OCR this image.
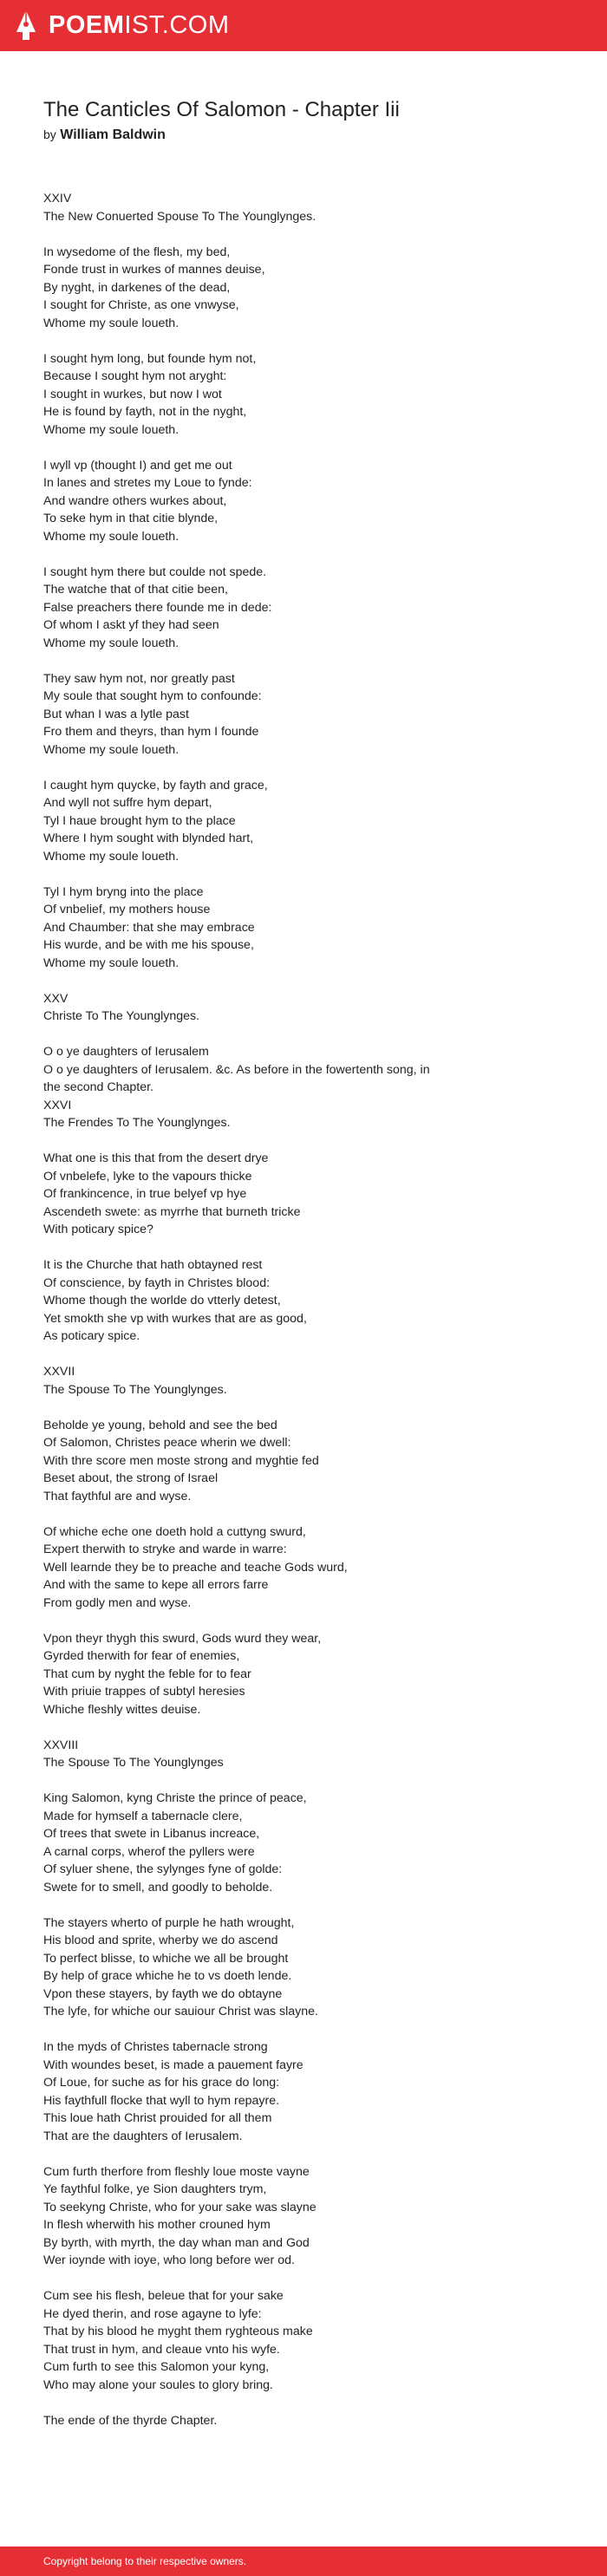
POEMIST.COM
The Canticles Of Salomon - Chapter Iii
by William Baldwin
XXIV
The New Conuerted Spouse To The Younglynges.
In wysedome of the flesh, my bed,
Fonde trust in wurkes of mannes deuise,
By nyght, in darkenes of the dead,
I sought for Christe, as one vnwyse,
Whome my soule loueth.
I sought hym long, but founde hym not,
Because I sought hym not aryght:
I sought in wurkes, but now I wot
He is found by fayth, not in the nyght,
Whome my soule loueth.
I wyll vp (thought I) and get me out
In lanes and stretes my Loue to fynde:
And wandre others wurkes about,
To seke hym in that citie blynde,
Whome my soule loueth.
I sought hym there but coulde not spede.
The watche that of that citie been,
False preachers there founde me in dede:
Of whom I askt yf they had seen
Whome my soule loueth.
They saw hym not, nor greatly past
My soule that sought hym to confounde:
But whan I was a lytle past
Fro them and theyrs, than hym I founde
Whome my soule loueth.
I caught hym quycke, by fayth and grace,
And wyll not suffre hym depart,
Tyl I haue brought hym to the place
Where I hym sought with blynded hart,
Whome my soule loueth.
Tyl I hym bryng into the place
Of vnbelief, my mothers house
And Chaumber: that she may embrace
His wurde, and be with me his spouse,
Whome my soule loueth.
XXV
Christe To The Younglynges.
O o ye daughters of Ierusalem
O o ye daughters of Ierusalem. &c. As before in the fowertenth song, in
the second Chapter.
XXVI
The Frendes To The Younglynges.
What one is this that from the desert drye
Of vnbelefe, lyke to the vapours thicke
Of frankincence, in true belyef vp hye
Ascendeth swete: as myrrhe that burneth tricke
With poticary spice?
It is the Churche that hath obtayned rest
Of conscience, by fayth in Christes blood:
Whome though the worlde do vtterly detest,
Yet smokth she vp with wurkes that are as good,
As poticary spice.
XXVII
The Spouse To The Younglynges.
Beholde ye young, behold and see the bed
Of Salomon, Christes peace wherin we dwell:
With thre score men moste strong and myghtie fed
Beset about, the strong of Israel
That faythful are and wyse.
Of whiche eche one doeth hold a cuttyng swurd,
Expert therwith to stryke and warde in warre:
Well learnde they be to preache and teache Gods wurd,
And with the same to kepe all errors farre
From godly men and wyse.
Vpon theyr thygh this swurd, Gods wurd they wear,
Gyrded therwith for fear of enemies,
That cum by nyght the feble for to fear
With priuie trappes of subtyl heresies
Whiche fleshly wittes deuise.
XXVIII
The Spouse To The Younglynges
King Salomon, kyng Christe the prince of peace,
Made for hymself a tabernacle clere,
Of trees that swete in Libanus increace,
A carnal corps, wherof the pyllers were
Of syluer shene, the sylynges fyne of golde:
Swete for to smell, and goodly to beholde.
The stayers wherto of purple he hath wrought,
His blood and sprite, wherby we do ascend
To perfect blisse, to whiche we all be brought
By help of grace whiche he to vs doeth lende.
Vpon these stayers, by fayth we do obtayne
The lyfe, for whiche our sauiour Christ was slayne.
In the myds of Christes tabernacle strong
With woundes beset, is made a pauement fayre
Of Loue, for suche as for his grace do long:
His faythfull flocke that wyll to hym repayre.
This loue hath Christ prouided for all them
That are the daughters of Ierusalem.
Cum furth therfore from fleshly loue moste vayne
Ye faythful folke, ye Sion daughters trym,
To seekyng Christe, who for your sake was slayne
In flesh wherwith his mother crouned hym
By byrth, with myrth, the day whan man and God
Wer ioynde with ioye, who long before wer od.
Cum see his flesh, beleue that for your sake
He dyed therin, and rose agayne to lyfe:
That by his blood he myght them ryghteous make
That trust in hym, and cleaue vnto his wyfe.
Cum furth to see this Salomon your kyng,
Who may alone your soules to glory bring.
The ende of the thyrde Chapter.
Copyright belong to their respective owners.
